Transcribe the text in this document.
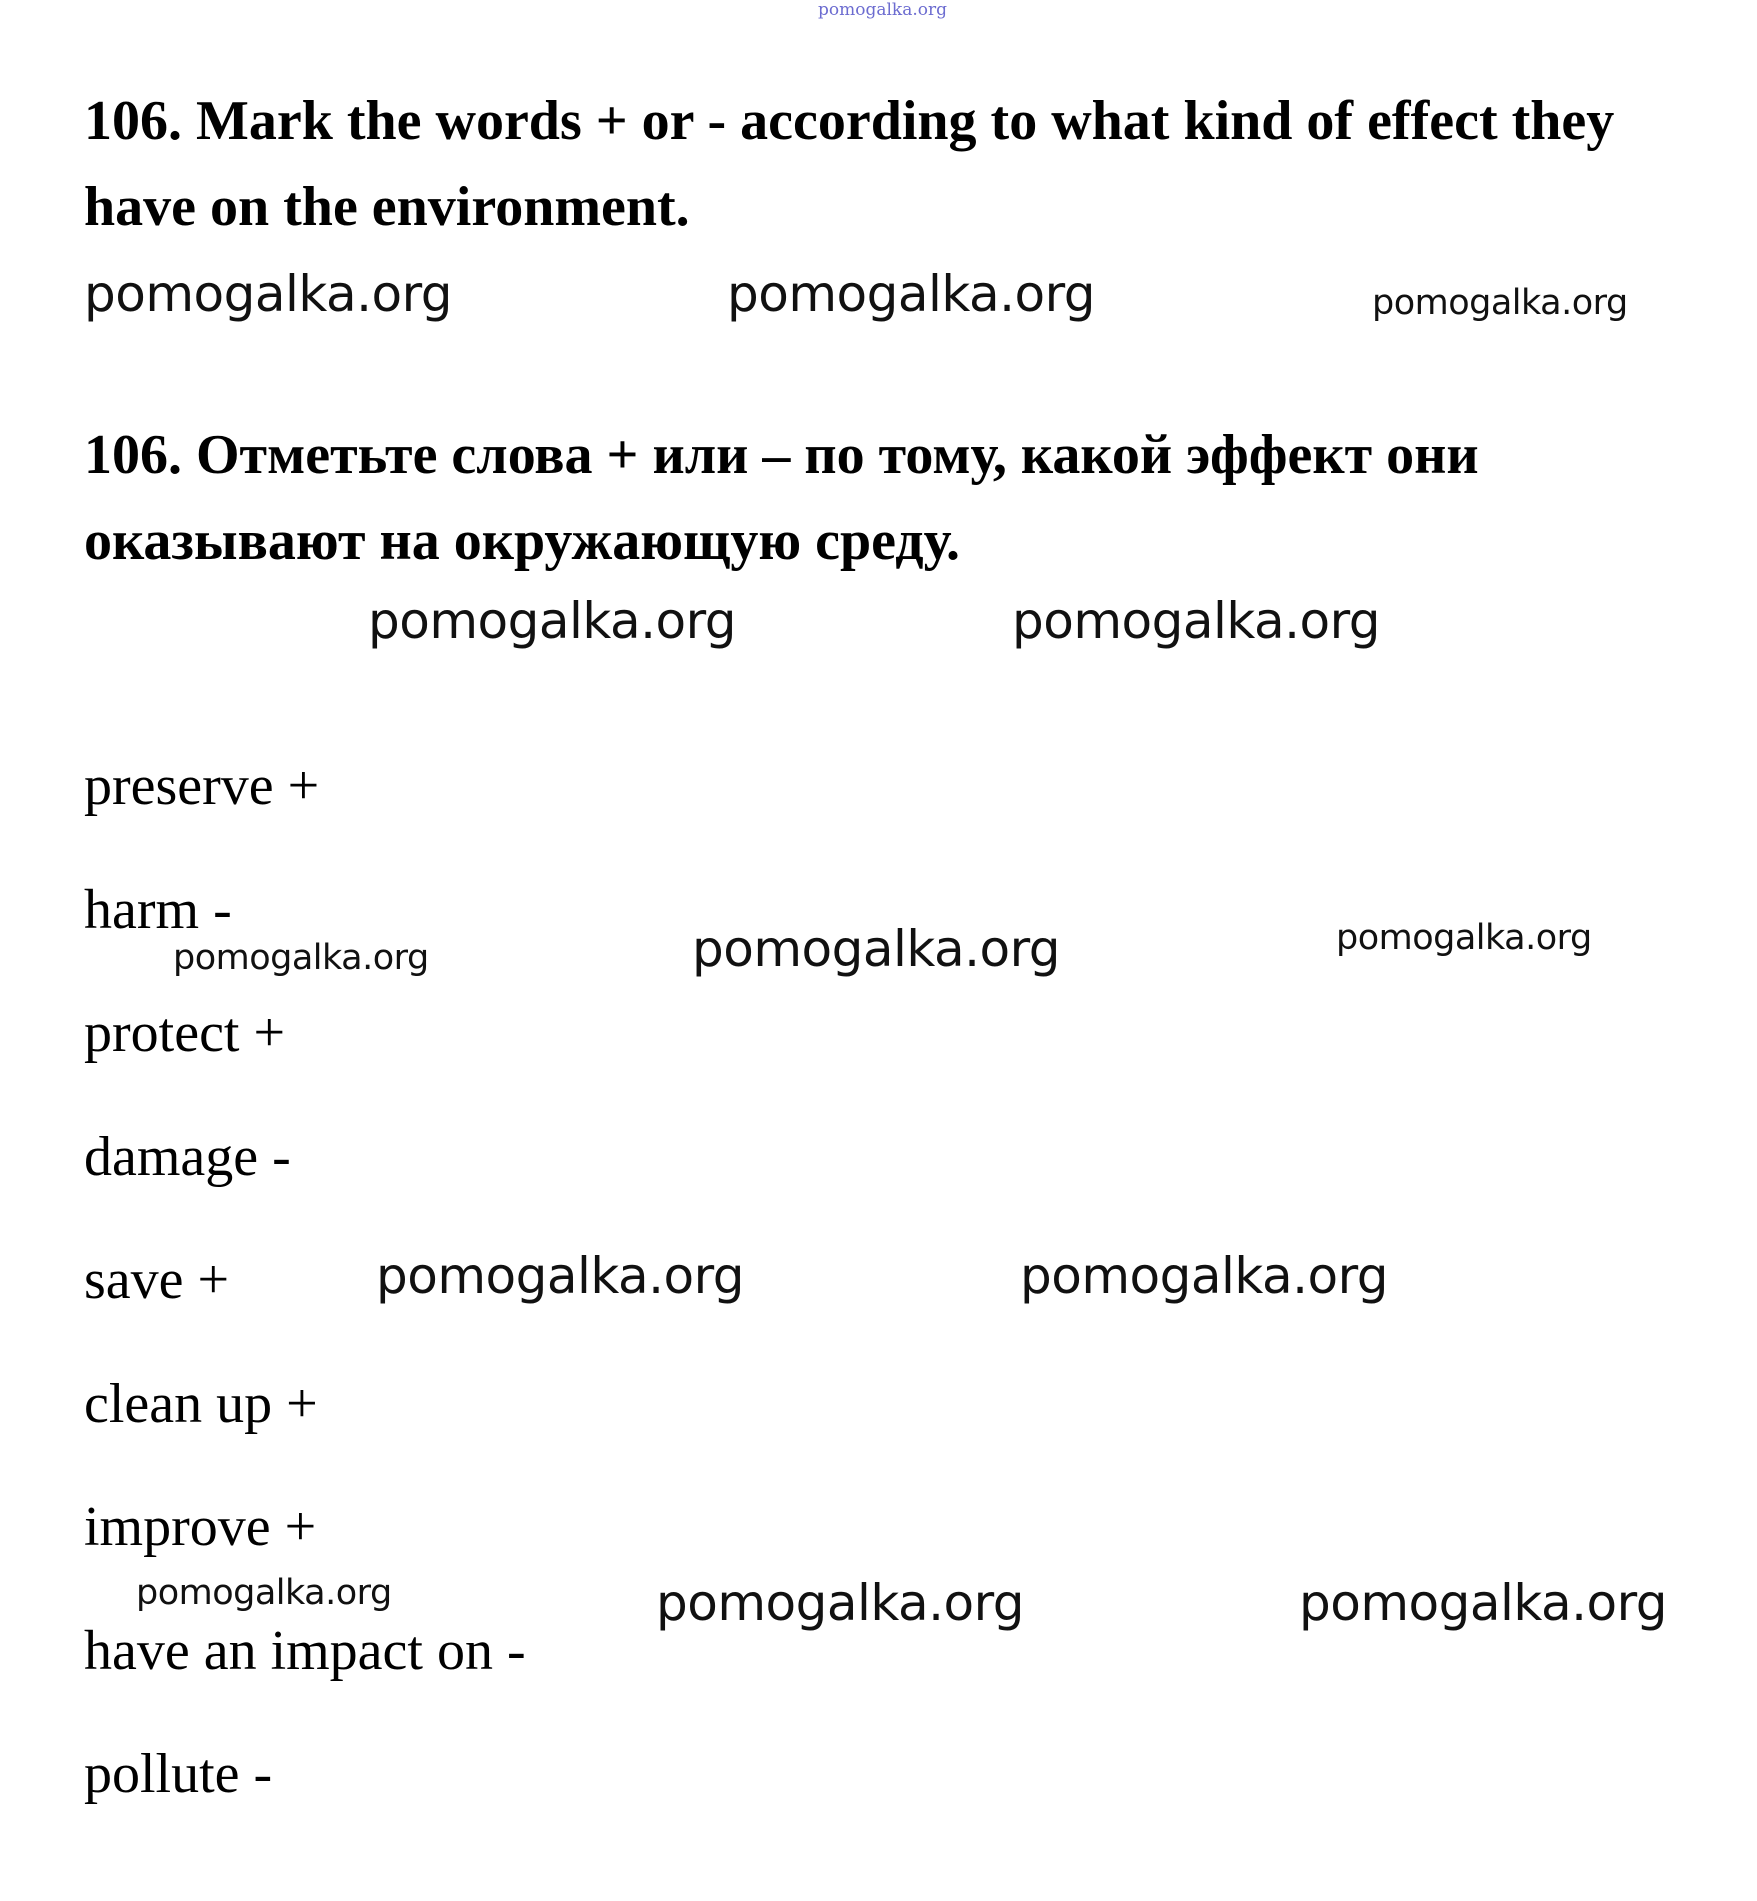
pomogalka.org
106. Mark the words + or - according to what kind of effect they have on the environment.
106. Отметьте слова + или – по тому, какой эффект они оказывают на окружающую среду.
pomogalka.org	pomogalka.org	pomogalka.org
pomogalka.org	pomogalka.org
pomogalka.org	pomogalka.org	pomogalka.org
pomogalka.org	pomogalka.org
pomogalka.org	pomogalka.org	pomogalka.org
preserve +
harm -
protect +
damage -
save +
clean up +
improve +
have an impact on -
pollute -
